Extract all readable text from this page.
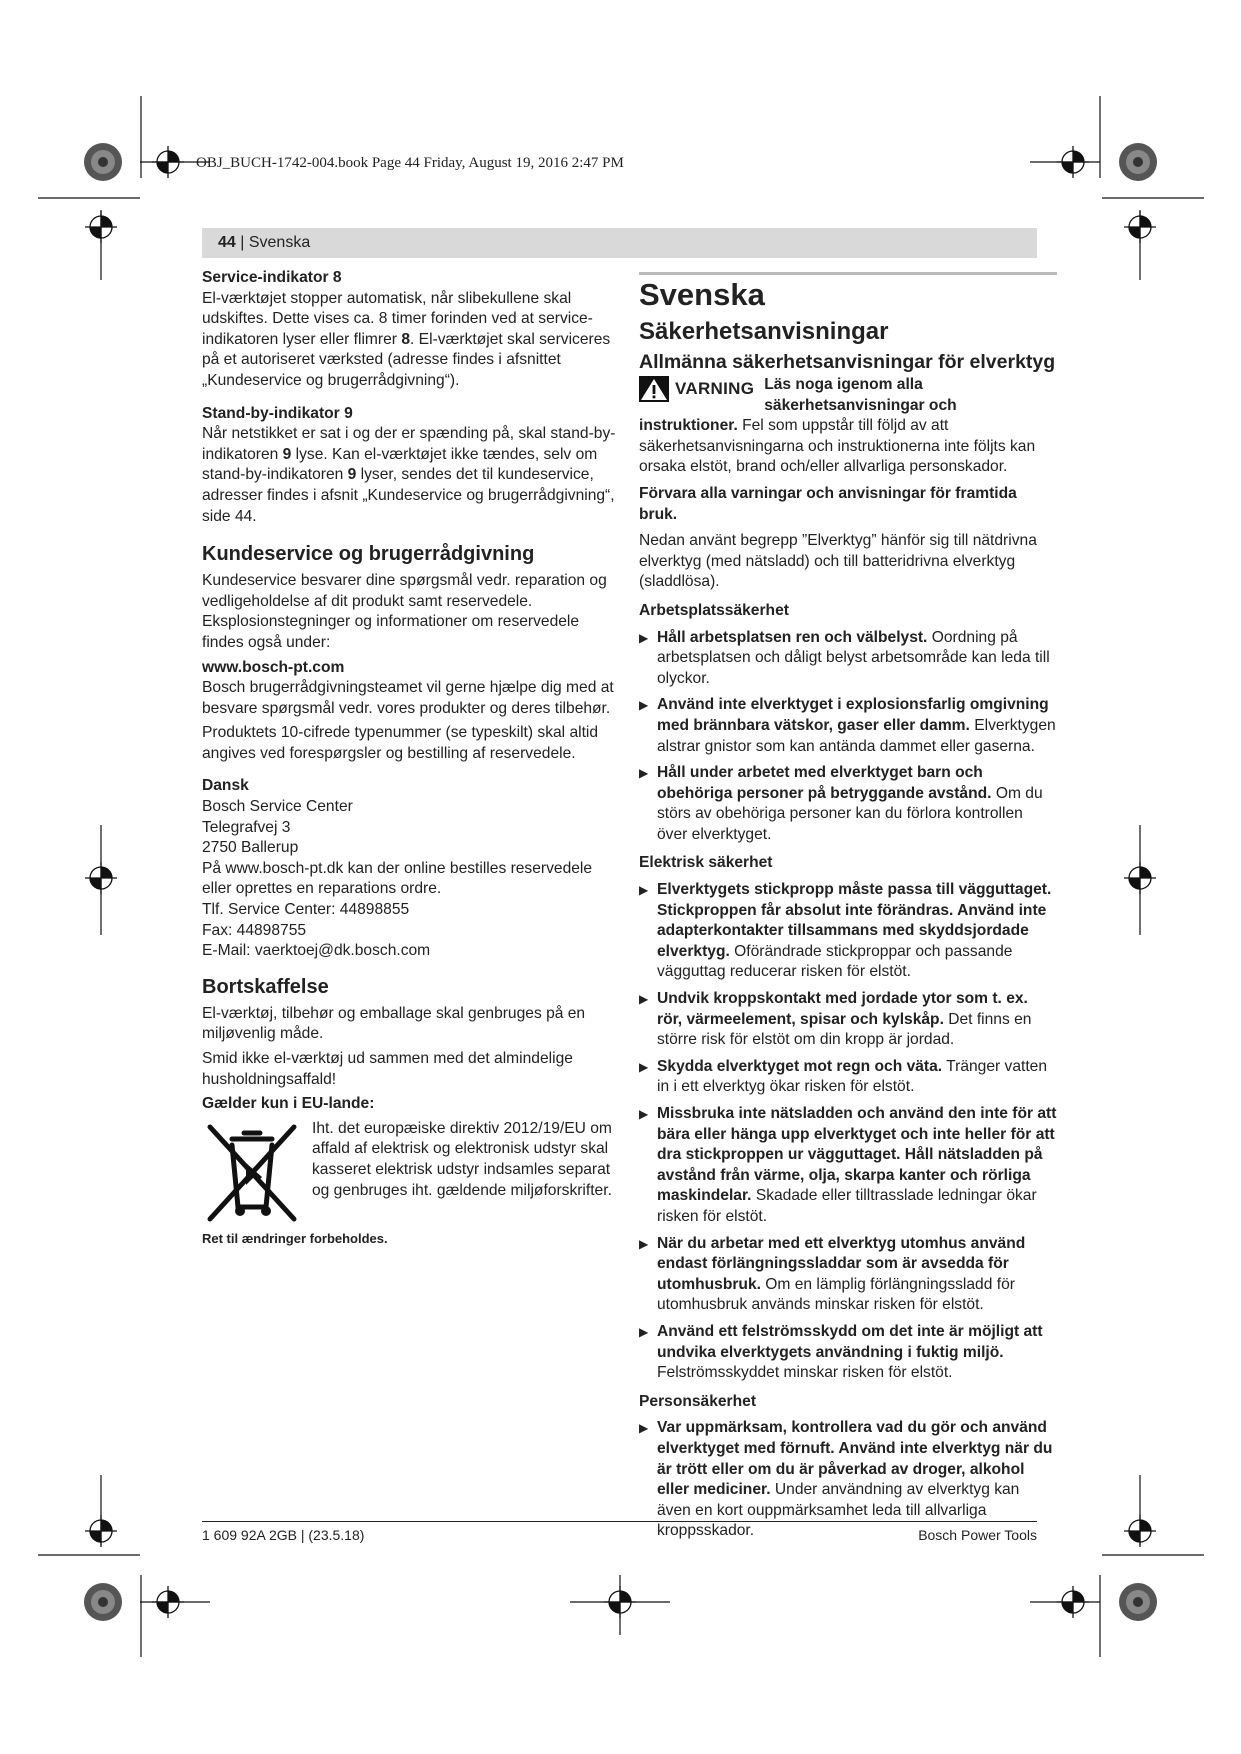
OBJ_BUCH-1742-004.book Page 44 Friday, August 19, 2016 2:47 PM
44 | Svenska

Service-indikator 8

El-værktøjet stopper automatisk, når slibekullene skal udskiftes. Dette vises ca. 8 timer forinden ved at service-indikatoren lyser eller flimrer 8. El-værktøjet skal serviceres på et autoriseret værksted (adresse findes i afsnittet „Kundeservice og brugerrådgivning“).

Stand-by-indikator 9

Når netstikket er sat i og der er spænding på, skal stand-by-indikatoren 9 lyse. Kan el-værktøjet ikke tændes, selv om stand-by-indikatoren 9 lyser, sendes det til kundeservice, adresser findes i afsnit „Kundeservice og brugerrådgivning“, side 44.

Kundeservice og brugerrådgivning

Kundeservice besvarer dine spørgsmål vedr. reparation og vedligeholdelse af dit produkt samt reservedele. Eksplosionstegninger og informationer om reservedele findes også under:

www.bosch-pt.com

Bosch brugerrådgivningsteamet vil gerne hjælpe dig med at besvare spørgsmål vedr. vores produkter og deres tilbehør.

Produktets 10-cifrede typenummer (se typeskilt) skal altid angives ved forespørgsler og bestilling af reservedele.

Dansk

Bosch Service Center

Telegrafvej 3

2750 Ballerup

På www.bosch-pt.dk kan der online bestilles reservedele eller oprettes en reparations ordre.

Tlf. Service Center: 44898855

Fax: 44898755

E-Mail: vaerktoej@dk.bosch.com

Bortskaffelse

El-værktøj, tilbehør og emballage skal genbruges på en miljøvenlig måde.

Smid ikke el-værktøj ud sammen med det almindelige husholdningsaffald!

Gælder kun i EU-lande:

Iht. det europæiske direktiv 2012/19/EU om affald af elektrisk og elektronisk udstyr skal kasseret elektrisk udstyr indsamles separat og genbruges iht. gældende miljøforskrifter.

Ret til ændringer forbeholdes.

Svenska

Säkerhetsanvisningar

Allmänna säkerhetsanvisningar för elverktyg

VARNING Läs noga igenom alla säkerhetsanvisningar och instruktioner. Fel som uppstår till följd av att säkerhetsanvisningarna och instruktionerna inte följts kan orsaka elstöt, brand och/eller allvarliga personskador.

Förvara alla varningar och anvisningar för framtida bruk.

Nedan använt begrepp ”Elverktyg” hänför sig till nätdrivna elverktyg (med nätsladd) och till batteridrivna elverktyg (sladdlösa).

Arbetsplatssäkerhet

▶ Håll arbetsplatsen ren och välbelyst. Oordning på arbetsplatsen och dåligt belyst arbetsområde kan leda till olyckor.
▶ Använd inte elverktyget i explosionsfarlig omgivning med brännbara vätskor, gaser eller damm. Elverktygen alstrar gnistor som kan antända dammet eller gaserna.
▶ Håll under arbetet med elverktyget barn och obehöriga personer på betryggande avstånd. Om du störs av obehöriga personer kan du förlora kontrollen över elverktyget.

Elektrisk säkerhet

▶ Elverktygets stickpropp måste passa till vägguttaget. Stickproppen får absolut inte förändras. Använd inte adapterkontakter tillsammans med skyddsjordade elverktyg. Oförändrade stickproppar och passande vägguttag reducerar risken för elstöt.
▶ Undvik kroppskontakt med jordade ytor som t. ex. rör, värmeelement, spisar och kylskåp. Det finns en större risk för elstöt om din kropp är jordad.
▶ Skydda elverktyget mot regn och väta. Tränger vatten in i ett elverktyg ökar risken för elstöt.
▶ Missbruka inte nätsladden och använd den inte för att bära eller hänga upp elverktyget och inte heller för att dra stickproppen ur vägguttaget. Håll nätsladden på avstånd från värme, olja, skarpa kanter och rörliga maskindelar. Skadade eller tilltrasslade ledningar ökar risken för elstöt.
▶ När du arbetar med ett elverktyg utomhus använd endast förlängningssladdar som är avsedda för utomhusbruk. Om en lämplig förlängningssladd för utomhusbruk används minskar risken för elstöt.
▶ Använd ett felströmsskydd om det inte är möjligt att undvika elverktygets användning i fuktig miljö. Felströmsskyddet minskar risken för elstöt.

Personsäkerhet

▶ Var uppmärksam, kontrollera vad du gör och använd elverktyget med förnuft. Använd inte elverktyg när du är trött eller om du är påverkad av droger, alkohol eller mediciner. Under användning av elverktyg kan även en kort ouppmärksamhet leda till allvarliga kroppsskador.
1 609 92A 2GB | (23.5.18)	Bosch Power Tools
